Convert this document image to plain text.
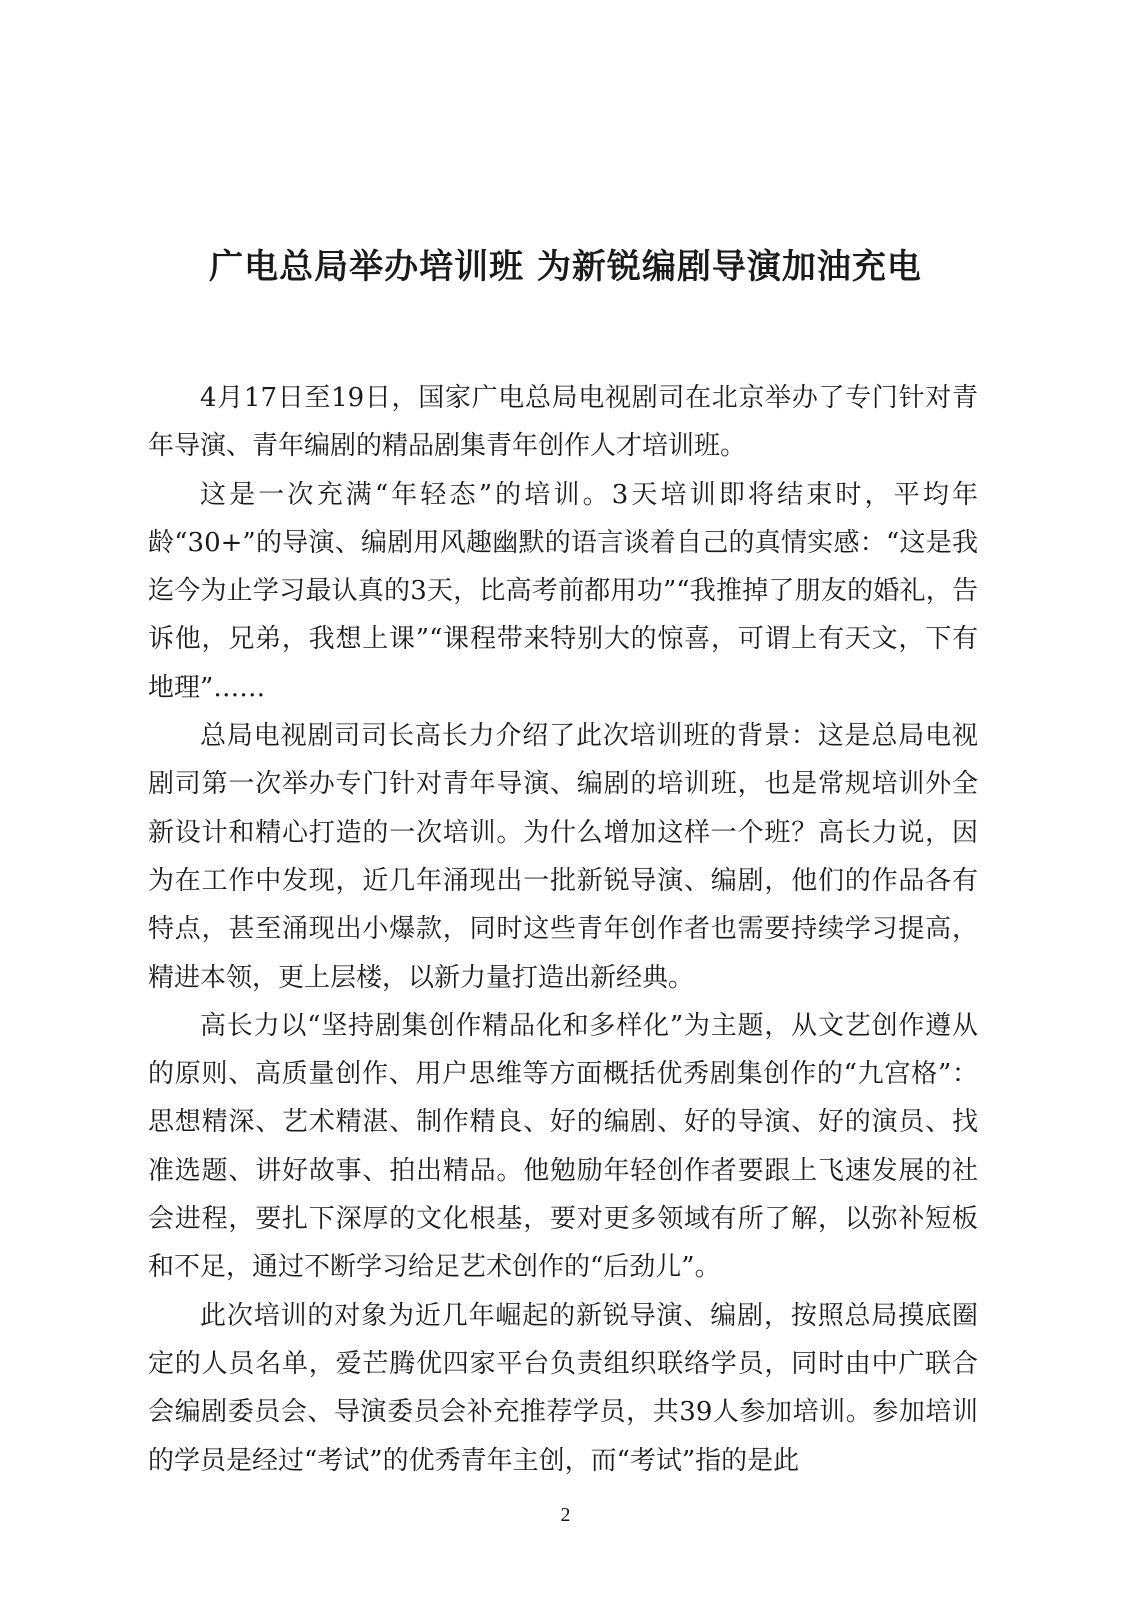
广电总局举办培训班 为新锐编剧导演加油充电

4月17日至19日，国家广电总局电视剧司在北京举办了专门针对青年导演、青年编剧的精品剧集青年创作人才培训班。

这是一次充满“年轻态”的培训。3天培训即将结束时，平均年龄“30+”的导演、编剧用风趣幽默的语言谈着自己的真情实感：“这是我迄今为止学习最认真的3天，比高考前都用功”“我推掉了朋友的婚礼，告诉他，兄弟，我想上课”“课程带来特别大的惊喜，可谓上有天文，下有地理”……

总局电视剧司司长高长力介绍了此次培训班的背景：这是总局电视剧司第一次举办专门针对青年导演、编剧的培训班，也是常规培训外全新设计和精心打造的一次培训。为什么增加这样一个班？高长力说，因为在工作中发现，近几年涌现出一批新锐导演、编剧，他们的作品各有特点，甚至涌现出小爆款，同时这些青年创作者也需要持续学习提高，精进本领，更上层楼，以新力量打造出新经典。

高长力以“坚持剧集创作精品化和多样化”为主题，从文艺创作遵从的原则、高质量创作、用户思维等方面概括优秀剧集创作的“九宫格”：思想精深、艺术精湛、制作精良、好的编剧、好的导演、好的演员、找准选题、讲好故事、拍出精品。他勉励年轻创作者要跟上飞速发展的社会进程，要扎下深厚的文化根基，要对更多领域有所了解，以弥补短板和不足，通过不断学习给足艺术创作的“后劲儿”。

此次培训的对象为近几年崛起的新锐导演、编剧，按照总局摸底圈定的人员名单，爱芒腾优四家平台负责组织联络学员，同时由中广联合会编剧委员会、导演委员会补充推荐学员，共39人参加培训。参加培训的学员是经过“考试”的优秀青年主创，而“考试”指的是此

2
